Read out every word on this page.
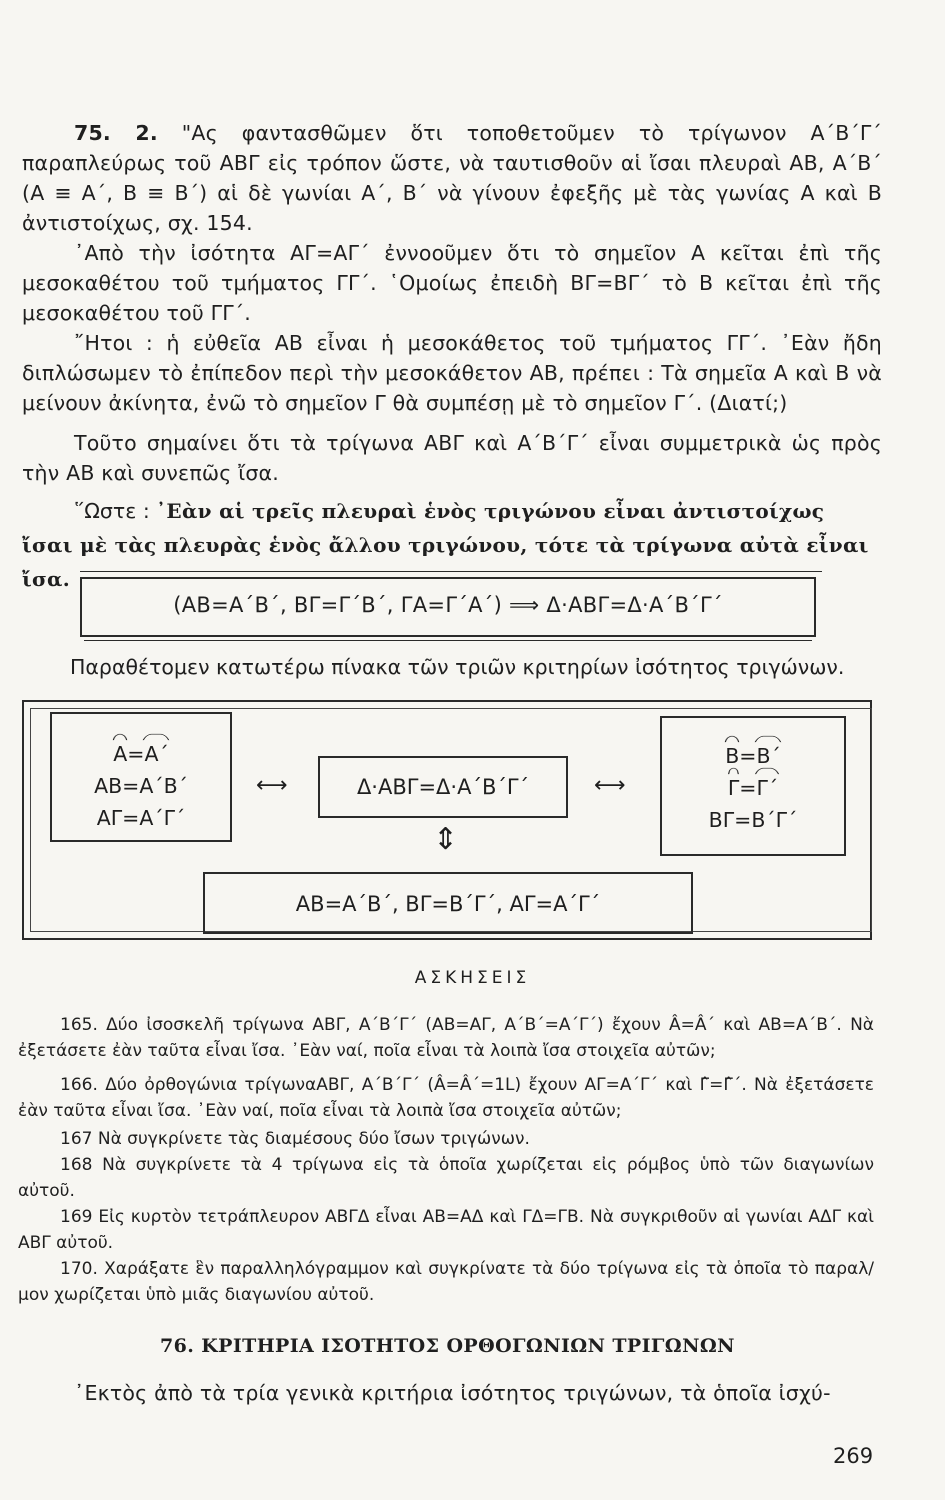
75. 2. "Ας φαντασθῶμεν ὅτι τοποθετοῦμεν τὸ τρίγωνον Α΄Β΄Γ΄ παραπλεύρως τοῦ ΑΒΓ εἰς τρόπον ὥστε, νὰ ταυτισθοῦν αἱ ἴσαι πλευραὶ ΑΒ, Α΄Β΄ (Α ≡ Α΄, Β ≡ Β΄) αἱ δὲ γωνίαι Α΄, Β΄ νὰ γίνουν ἐφεξῆς μὲ τὰς γωνίας Α καὶ Β ἀντιστοίχως, σχ. 154.
᾿Απὸ τὴν ἰσότητα ΑΓ=ΑΓ΄ ἐννοοῦμεν ὅτι τὸ σημεῖον Α κεῖται ἐπὶ τῆς μεσοκαθέτου τοῦ τμήματος ΓΓ΄. ῾Ομοίως ἐπειδὴ ΒΓ=ΒΓ΄ τὸ Β κεῖται ἐπὶ τῆς μεσοκαθέτου τοῦ ΓΓ΄.
῎Ητοι : ἡ εὐθεῖα ΑΒ εἶναι ἡ μεσοκάθετος τοῦ τμήματος ΓΓ΄. ᾿Εὰν ἤδη διπλώσωμεν τὸ ἐπίπεδον περὶ τὴν μεσοκάθετον ΑΒ, πρέπει : Τὰ σημεῖα Α καὶ Β νὰ μείνουν ἀκίνητα, ἐνῶ τὸ σημεῖον Γ θὰ συμπέσῃ μὲ τὸ σημεῖον Γ΄. (Διατί;)
Τοῦτο σημαίνει ὅτι τὰ τρίγωνα ΑΒΓ καὶ Α΄Β΄Γ΄ εἶναι συμμετρικὰ ὡς πρὸς τὴν ΑΒ καὶ συνεπῶς ἴσα.
῞Ωστε : ᾿Εὰν αἱ τρεῖς πλευραὶ ἑνὸς τριγώνου εἶναι ἀντιστοίχως ἴσαι μὲ τὰς πλευρὰς ἑνὸς ἄλλου τριγώνου, τότε τὰ τρίγωνα αὐτὰ εἶναι ἴσα.
(ΑΒ=Α΄Β΄, ΒΓ=Γ΄Β΄, ΓΑ=Γ΄Α΄) ⟹ Δ·ΑΒΓ=Δ·Α΄Β΄Γ΄
Παραθέτομεν κατωτέρω πίνακα τῶν τριῶν κριτηρίων ἰσότητος τριγώνων.
Α=Α΄
ΑΒ=Α΄Β΄
ΑΓ=Α΄Γ΄
⟷	Δ·ΑΒΓ=Δ·Α΄Β΄Γ΄	⟷
Β=Β΄
Γ=Γ΄
ΒΓ=Β΄Γ΄
⇕
ΑΒ=Α΄Β΄, ΒΓ=Β΄Γ΄, ΑΓ=Α΄Γ΄
ΑΣΚΗΣΕΙΣ
165. Δύο ἰσοσκελῆ τρίγωνα ΑΒΓ, Α΄Β΄Γ΄ (ΑΒ=ΑΓ, Α΄Β΄=Α΄Γ΄) ἔχουν Â=Â΄ καὶ ΑΒ=Α΄Β΄. Νὰ ἐξετάσετε ἐὰν ταῦτα εἶναι ἴσα. ᾿Εὰν ναί, ποῖα εἶναι τὰ λοιπὰ ἴσα στοιχεῖα αὐτῶν;
166. Δύο ὀρθογώνια τρίγωναΑΒΓ, Α΄Β΄Γ΄ (Â=Â΄=1L) ἔχουν ΑΓ=Α΄Γ΄ καὶ Γ̂=Γ̂΄. Νὰ ἐξετάσετε ἐὰν ταῦτα εἶναι ἴσα. ᾿Εὰν ναί, ποῖα εἶναι τὰ λοιπὰ ἴσα στοιχεῖα αὐτῶν;
167 Νὰ συγκρίνετε τὰς διαμέσους δύο ἴσων τριγώνων.
168 Νὰ συγκρίνετε τὰ 4 τρίγωνα εἰς τὰ ὁποῖα χωρίζεται εἰς ρόμβος ὑπὸ τῶν διαγωνίων αὐτοῦ.
169 Εἰς κυρτὸν τετράπλευρον ΑΒΓΔ εἶναι ΑΒ=ΑΔ καὶ ΓΔ=ΓΒ. Νὰ συγκριθοῦν αἱ γωνίαι ΑΔΓ καὶ ΑΒΓ αὐτοῦ.
170. Χαράξατε ἓν παραλληλόγραμμον καὶ συγκρίνατε τὰ δύο τρίγωνα εἰς τὰ ὁποῖα τὸ παραλ/μον χωρίζεται ὑπὸ μιᾶς διαγωνίου αὐτοῦ.
76. ΚΡΙΤΗΡΙΑ ΙΣΟΤΗΤΟΣ ΟΡΘΟΓΩΝΙΩΝ ΤΡΙΓΩΝΩΝ
᾿Εκτὸς ἀπὸ τὰ τρία γενικὰ κριτήρια ἰσότητος τριγώνων, τὰ ὁποῖα ἰσχύ-
269
